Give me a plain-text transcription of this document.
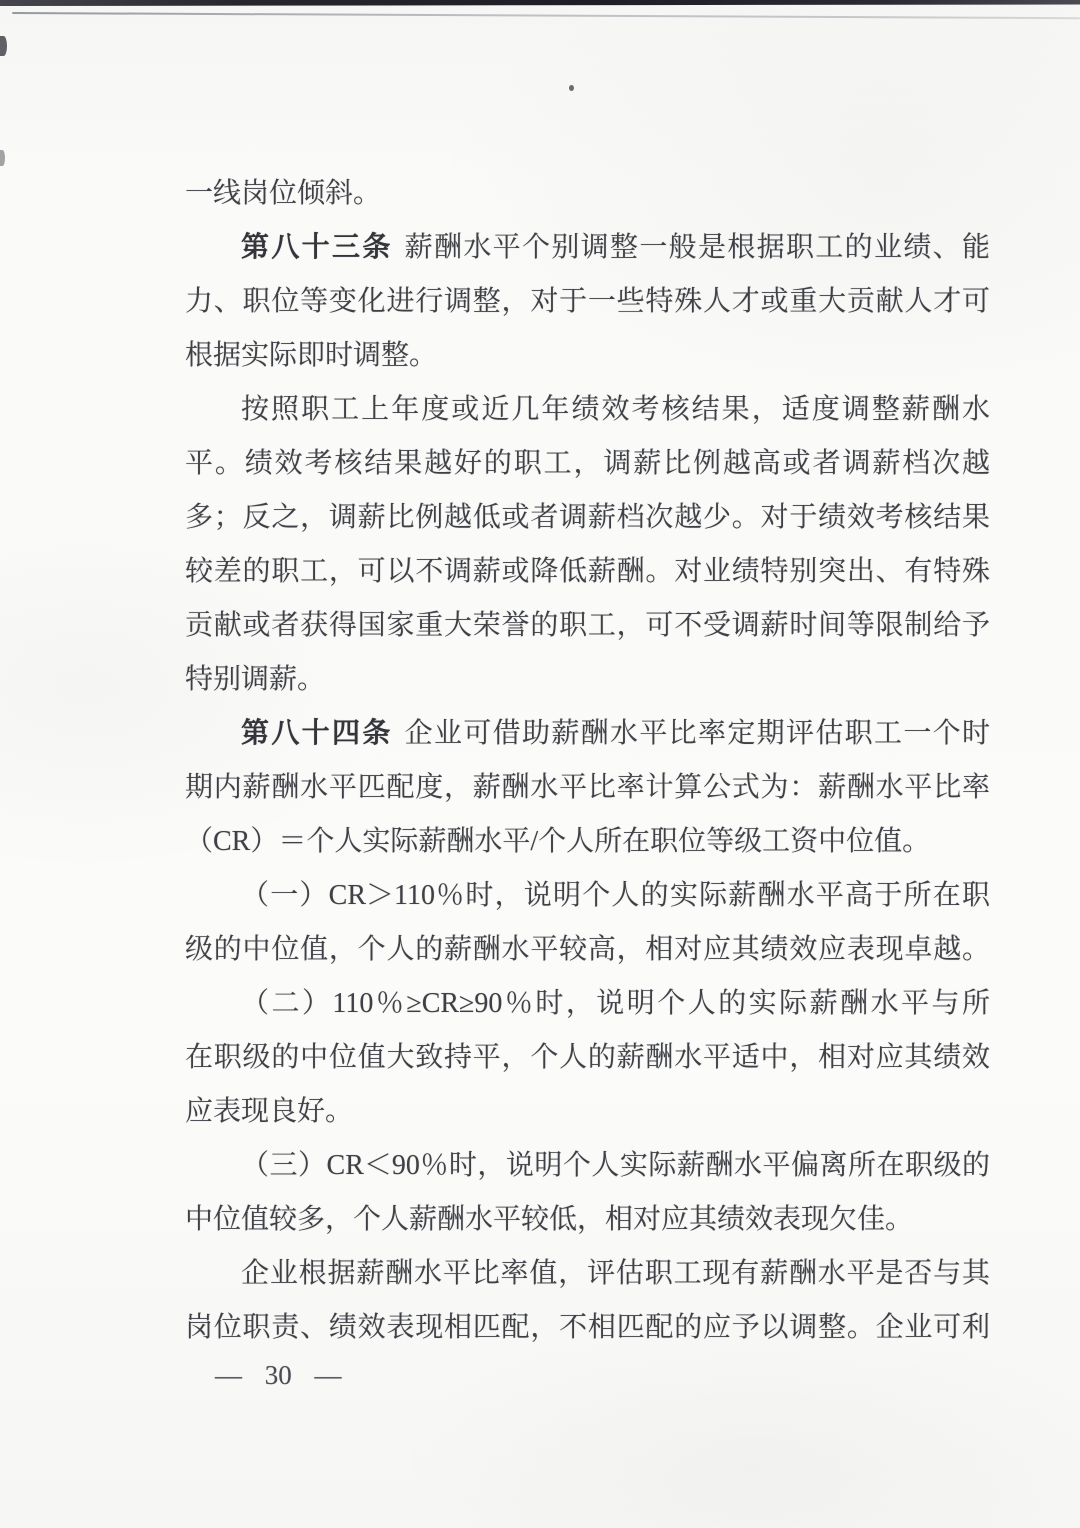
一线岗位倾斜。
第八十三条 薪酬水平个别调整一般是根据职工的业绩、能
力、职位等变化进行调整，对于一些特殊人才或重大贡献人才可
根据实际即时调整。
按照职工上年度或近几年绩效考核结果，适度调整薪酬水
平。绩效考核结果越好的职工，调薪比例越高或者调薪档次越
多；反之，调薪比例越低或者调薪档次越少。对于绩效考核结果
较差的职工，可以不调薪或降低薪酬。对业绩特别突出、有特殊
贡献或者获得国家重大荣誉的职工，可不受调薪时间等限制给予
特别调薪。
第八十四条 企业可借助薪酬水平比率定期评估职工一个时
期内薪酬水平匹配度，薪酬水平比率计算公式为：薪酬水平比率
（CR）＝个人实际薪酬水平/个人所在职位等级工资中位值。
（一）CR＞110％时，说明个人的实际薪酬水平高于所在职
级的中位值，个人的薪酬水平较高，相对应其绩效应表现卓越。
（二）110％≥CR≥90％时，说明个人的实际薪酬水平与所
在职级的中位值大致持平，个人的薪酬水平适中，相对应其绩效
应表现良好。
（三）CR＜90％时，说明个人实际薪酬水平偏离所在职级的
中位值较多，个人薪酬水平较低，相对应其绩效表现欠佳。
企业根据薪酬水平比率值，评估职工现有薪酬水平是否与其
岗位职责、绩效表现相匹配，不相匹配的应予以调整。企业可利
— 30 —
